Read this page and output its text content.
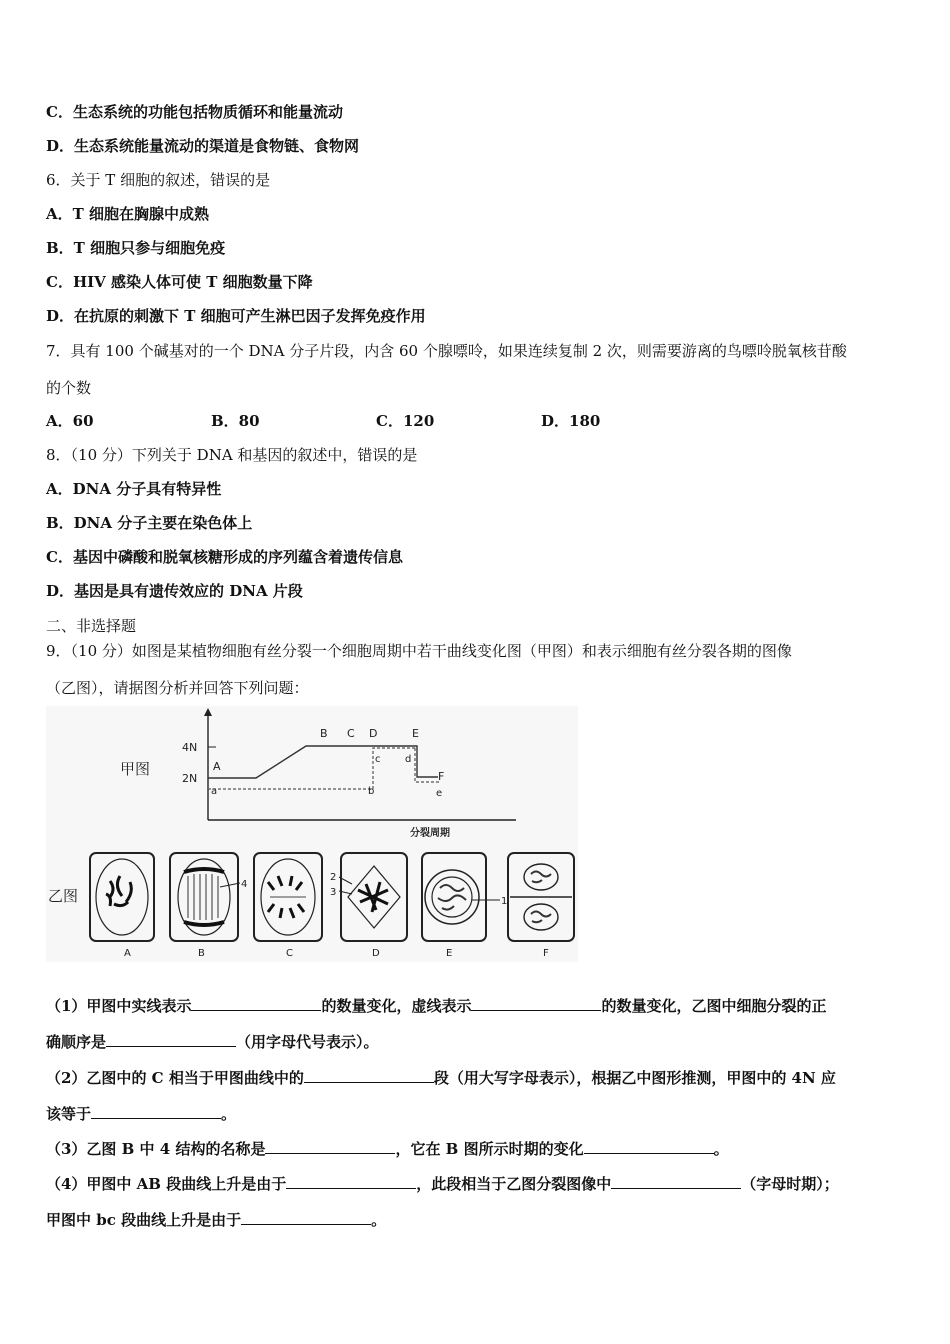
C．生态系统的功能包括物质循环和能量流动
D．生态系统能量流动的渠道是食物链、食物网
6．关于 T 细胞的叙述，错误的是
A．T 细胞在胸腺中成熟
B．T 细胞只参与细胞免疫
C．HIV 感染人体可使 T 细胞数量下降
D．在抗原的刺激下 T 细胞可产生淋巴因子发挥免疫作用
7．具有 100 个碱基对的一个 DNA 分子片段，内含 60 个腺嘌呤，如果连续复制 2 次，则需要游离的鸟嘌呤脱氧核苷酸
的个数
A．60	B．80	C．120	D．180
8．（10 分）下列关于 DNA 和基因的叙述中，错误的是
A．DNA 分子具有特异性
B．DNA 分子主要在染色体上
C．基因中磷酸和脱氧核糖形成的序列蕴含着遗传信息
D．基因是具有遗传效应的 DNA 片段
二、非选择题
9．（10 分）如图是某植物细胞有丝分裂一个细胞周期中若干曲线变化图（甲图）和表示细胞有丝分裂各期的图像
（乙图），请据图分析并回答下列问题：
甲图
4N
2N
A
B C D	E
F
a	b
c d
e
分裂周期
乙图
4
2
3
1
A	B	C	D	E	F
（1）甲图中实线表示	的数量变化，虚线表示	的数量变化，乙图中细胞分裂的正
确顺序是	（用字母代号表示）。
（2）乙图中的 C 相当于甲图曲线中的	段（用大写字母表示），根据乙中图形推测，甲图中的 4N 应
该等于	。
（3）乙图 B 中 4 结构的名称是	，它在 B 图所示时期的变化	。
（4）甲图中 AB 段曲线上升是由于	，此段相当于乙图分裂图像中	（字母时期）；
甲图中 bc 段曲线上升是由于	。
